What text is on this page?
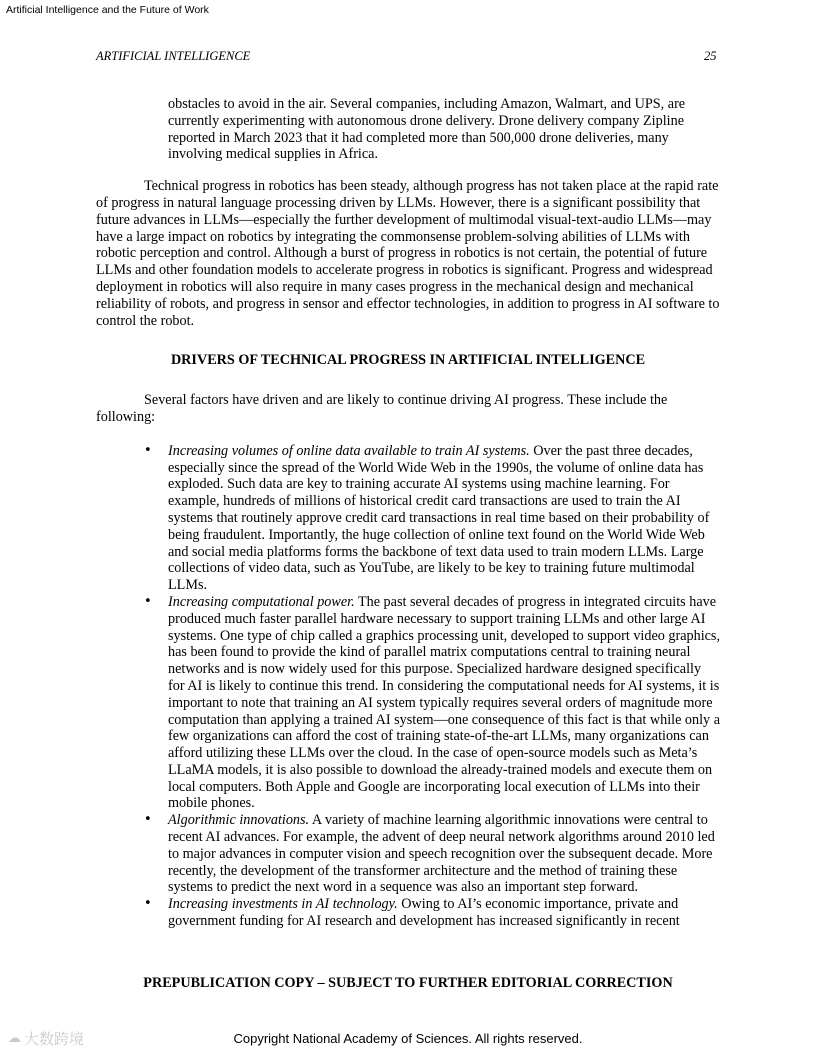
Artificial Intelligence and the Future of Work
ARTIFICIAL INTELLIGENCE	25

obstacles to avoid in the air. Several companies, including Amazon, Walmart, and UPS, are currently experimenting with autonomous drone delivery. Drone delivery company Zipline reported in March 2023 that it had completed more than 500,000 drone deliveries, many involving medical supplies in Africa.

Technical progress in robotics has been steady, although progress has not taken place at the rapid rate of progress in natural language processing driven by LLMs. However, there is a significant possibility that future advances in LLMs—especially the further development of multimodal visual-text-audio LLMs—may have a large impact on robotics by integrating the commonsense problem-solving abilities of LLMs with robotic perception and control. Although a burst of progress in robotics is not certain, the potential of future LLMs and other foundation models to accelerate progress in robotics is significant. Progress and widespread deployment in robotics will also require in many cases progress in the mechanical design and mechanical reliability of robots, and progress in sensor and effector technologies, in addition to progress in AI software to control the robot.

DRIVERS OF TECHNICAL PROGRESS IN ARTIFICIAL INTELLIGENCE

Several factors have driven and are likely to continue driving AI progress. These include the following:

• Increasing volumes of online data available to train AI systems. Over the past three decades, especially since the spread of the World Wide Web in the 1990s, the volume of online data has exploded. Such data are key to training accurate AI systems using machine learning. For example, hundreds of millions of historical credit card transactions are used to train the AI systems that routinely approve credit card transactions in real time based on their probability of being fraudulent. Importantly, the huge collection of online text found on the World Wide Web and social media platforms forms the backbone of text data used to train modern LLMs. Large collections of video data, such as YouTube, are likely to be key to training future multimodal LLMs.
• Increasing computational power. The past several decades of progress in integrated circuits have produced much faster parallel hardware necessary to support training LLMs and other large AI systems. One type of chip called a graphics processing unit, developed to support video graphics, has been found to provide the kind of parallel matrix computations central to training neural networks and is now widely used for this purpose. Specialized hardware designed specifically for AI is likely to continue this trend. In considering the computational needs for AI systems, it is important to note that training an AI system typically requires several orders of magnitude more computation than applying a trained AI system—one consequence of this fact is that while only a few organizations can afford the cost of training state-of-the-art LLMs, many organizations can afford utilizing these LLMs over the cloud. In the case of open-source models such as Meta’s LLaMA models, it is also possible to download the already-trained models and execute them on local computers. Both Apple and Google are incorporating local execution of LLMs into their mobile phones.
• Algorithmic innovations. A variety of machine learning algorithmic innovations were central to recent AI advances. For example, the advent of deep neural network algorithms around 2010 led to major advances in computer vision and speech recognition over the subsequent decade. More recently, the development of the transformer architecture and the method of training these systems to predict the next word in a sequence was also an important step forward.
• Increasing investments in AI technology. Owing to AI’s economic importance, private and government funding for AI research and development has increased significantly in recent
PREPUBLICATION COPY – SUBJECT TO FURTHER EDITORIAL CORRECTION
☁ 大数跨境	Copyright National Academy of Sciences. All rights reserved.
